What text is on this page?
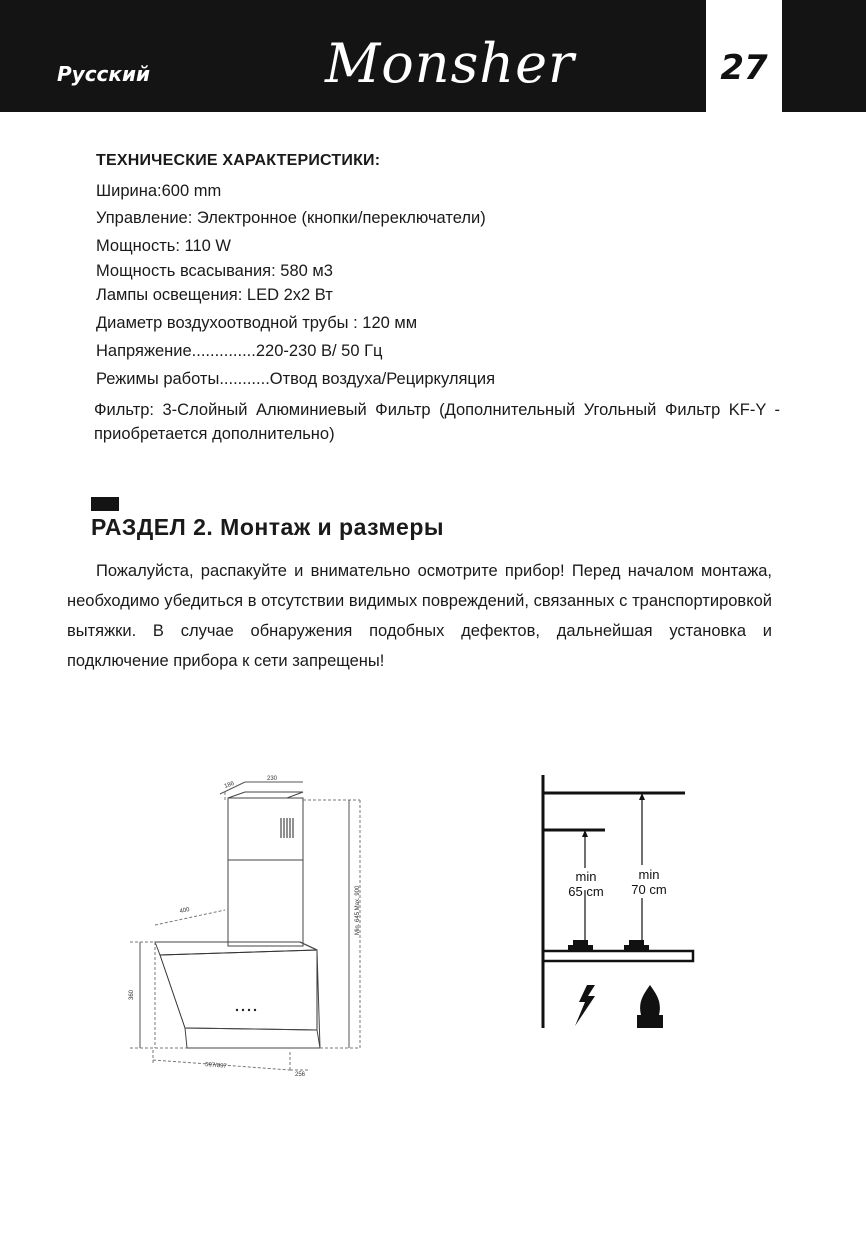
Русский	Monsher	27
ТЕХНИЧЕСКИЕ ХАРАКТЕРИСТИКИ:
Ширина:600 mm
Управление: Электронное (кнопки/переключатели)
Мощность: 110 W
Мощность всасывания: 580 м3
Лампы освещения: LED 2x2 Вт
Диаметр воздухоотводной трубы : 120 мм
Напряжение..............220-230 В/ 50 Гц
Режимы работы...........Отвод воздуха/Рециркуляция
Фильтр: 3-Слойный Алюминиевый Фильтр (Дополнительный Угольный Фильтр KF-Y - приобретается дополнительно)
РАЗДЕЛ 2. Монтаж и размеры
Пожалуйста, распакуйте и внимательно осмотрите прибор! Перед началом монтажа, необходимо убедиться в отсутствии видимых повреждений, связанных с транспортировкой вытяжки. В случае обнаружения подобных дефектов, дальнейшая установка и подключение прибора к сети запрещены!
186
230
400	Min. 645 Max. 900
360
597/897
256
min
65 cm
min
70 cm
